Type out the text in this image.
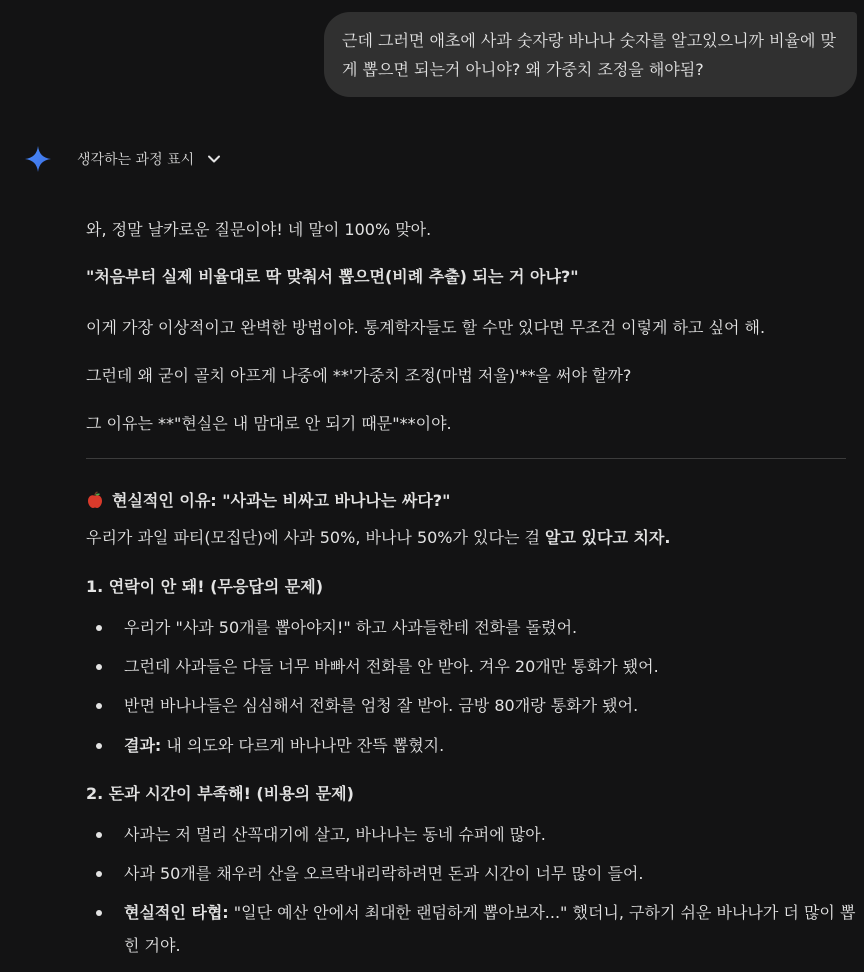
근데 그러면 애초에 사과 숫자랑 바나나 숫자를 알고있으니까 비율에 맞게 뽑으면 되는거 아니야? 왜 가중치 조정을 해야됨?
생각하는 과정 표시
와, 정말 날카로운 질문이야! 네 말이 100% 맞아.
"처음부터 실제 비율대로 딱 맞춰서 뽑으면(비례 추출) 되는 거 아냐?"
이게 가장 이상적이고 완벽한 방법이야. 통계학자들도 할 수만 있다면 무조건 이렇게 하고 싶어 해.
그런데 왜 굳이 골치 아프게 나중에 **'가중치 조정(마법 저울)'**을 써야 할까?
그 이유는 **"현실은 내 맘대로 안 되기 때문"**이야.
현실적인 이유: "사과는 비싸고 바나나는 싸다?"
우리가 과일 파티(모집단)에 사과 50%, 바나나 50%가 있다는 걸 알고 있다고 치자.
1. 연락이 안 돼! (무응답의 문제)
우리가 "사과 50개를 뽑아야지!" 하고 사과들한테 전화를 돌렸어.
그런데 사과들은 다들 너무 바빠서 전화를 안 받아. 겨우 20개만 통화가 됐어.
반면 바나나들은 심심해서 전화를 엄청 잘 받아. 금방 80개랑 통화가 됐어.
결과: 내 의도와 다르게 바나나만 잔뜩 뽑혔지.
2. 돈과 시간이 부족해! (비용의 문제)
사과는 저 멀리 산꼭대기에 살고, 바나나는 동네 슈퍼에 많아.
사과 50개를 채우러 산을 오르락내리락하려면 돈과 시간이 너무 많이 들어.
현실적인 타협: "일단 예산 안에서 최대한 랜덤하게 뽑아보자..." 했더니, 구하기 쉬운 바나나가 더 많이 뽑힌 거야.
